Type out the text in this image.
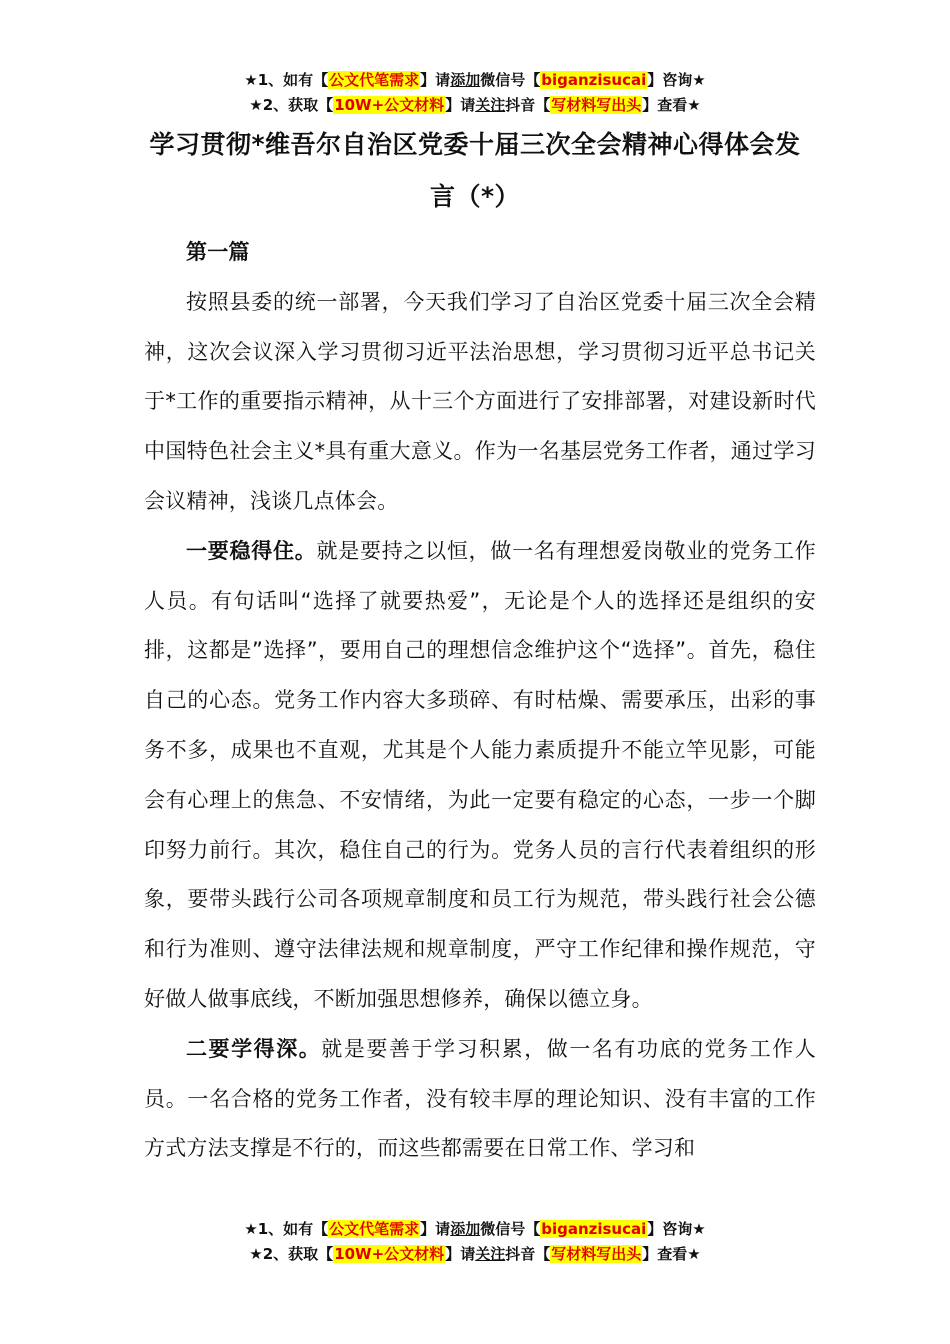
★1、如有【公文代笔需求】请添加微信号【biganzisucai】咨询★
★2、获取【10W+公文材料】请关注抖音【写材料写出头】查看★
学习贯彻*维吾尔自治区党委十届三次全会精神心得体会发
言（*）

第一篇

按照县委的统一部署，今天我们学习了自治区党委十届三次全会精神，这次会议深入学习贯彻习近平法治思想，学习贯彻习近平总书记关于*工作的重要指示精神，从十三个方面进行了安排部署，对建设新时代中国特色社会主义*具有重大意义。作为一名基层党务工作者，通过学习会议精神，浅谈几点体会。

一要稳得住。就是要持之以恒，做一名有理想爱岗敬业的党务工作人员。有句话叫“选择了就要热爱”，无论是个人的选择还是组织的安排，这都是”选择”，要用自己的理想信念维护这个“选择”。首先，稳住自己的心态。党务工作内容大多琐碎、有时枯燥、需要承压，出彩的事务不多，成果也不直观，尤其是个人能力素质提升不能立竿见影，可能会有心理上的焦急、不安情绪，为此一定要有稳定的心态，一步一个脚印努力前行。其次，稳住自己的行为。党务人员的言行代表着组织的形象，要带头践行公司各项规章制度和员工行为规范，带头践行社会公德和行为准则、遵守法律法规和规章制度，严守工作纪律和操作规范，守好做人做事底线，不断加强思想修养，确保以德立身。

二要学得深。就是要善于学习积累，做一名有功底的党务工作人员。一名合格的党务工作者，没有较丰厚的理论知识、没有丰富的工作方式方法支撑是不行的，而这些都需要在日常工作、学习和

★1、如有【公文代笔需求】请添加微信号【biganzisucai】咨询★
★2、获取【10W+公文材料】请关注抖音【写材料写出头】查看★
